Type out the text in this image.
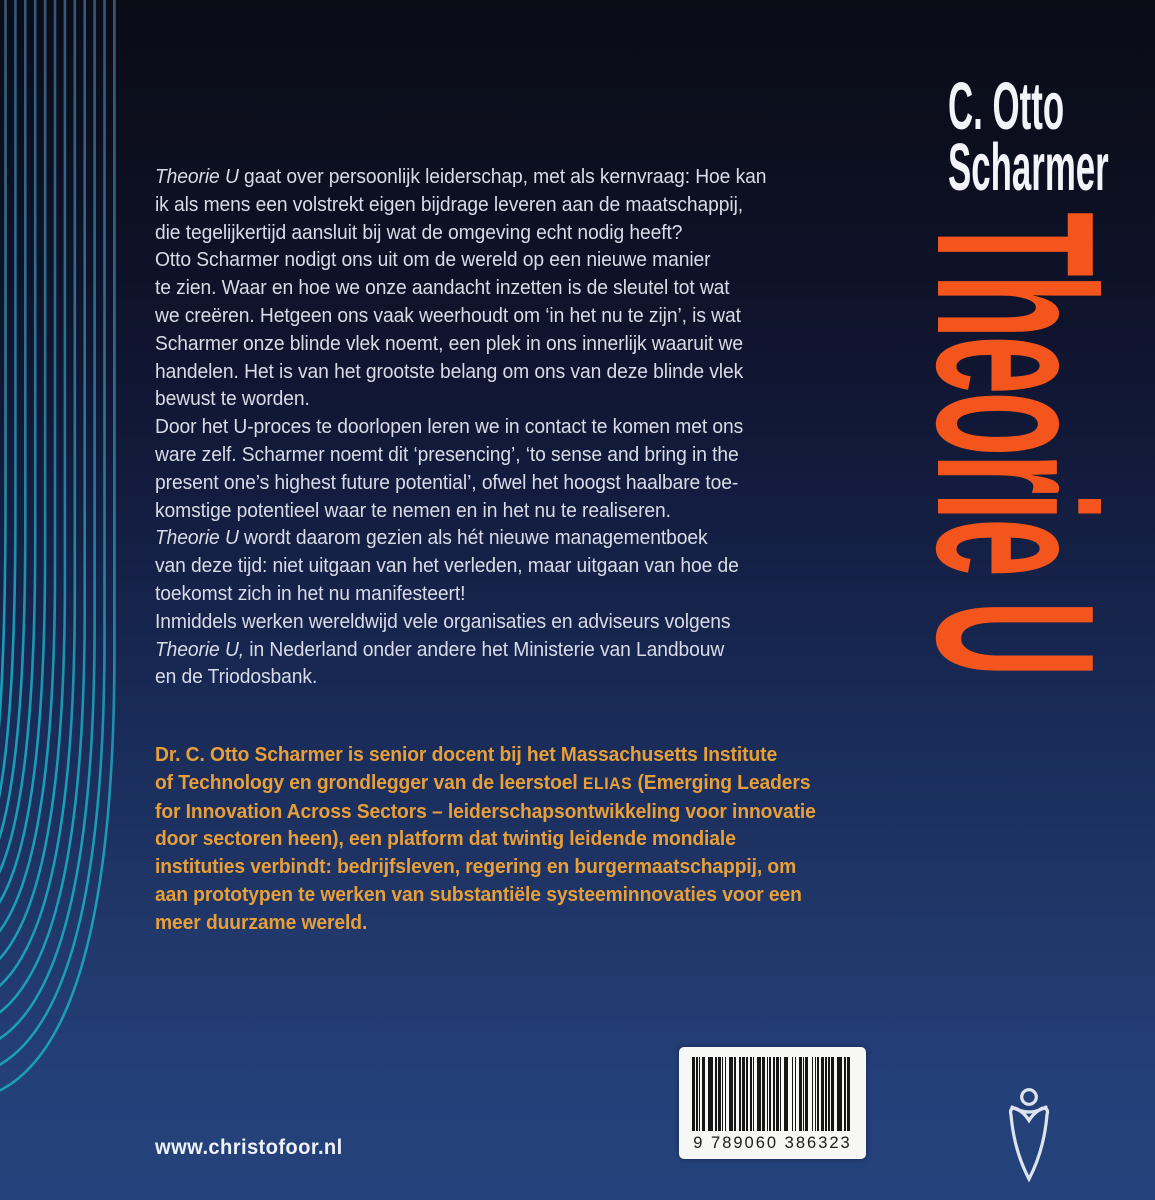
C. Otto
Scharmer
Theorie U
Theorie U gaat over persoonlijk leiderschap, met als kernvraag: Hoe kan
ik als mens een volstrekt eigen bijdrage leveren aan de maatschappij,
die tegelijkertijd aansluit bij wat de omgeving echt nodig heeft?
Otto Scharmer nodigt ons uit om de wereld op een nieuwe manier
te zien. Waar en hoe we onze aandacht inzetten is de sleutel tot wat
we creëren. Hetgeen ons vaak weerhoudt om ‘in het nu te zijn’, is wat
Scharmer onze blinde vlek noemt, een plek in ons innerlijk waaruit we
handelen. Het is van het grootste belang om ons van deze blinde vlek
bewust te worden.
Door het U-proces te doorlopen leren we in contact te komen met ons
ware zelf. Scharmer noemt dit ‘presencing’, ‘to sense and bring in the
present one’s highest future potential’, ofwel het hoogst haalbare toe-
komstige potentieel waar te nemen en in het nu te realiseren.
Theorie U wordt daarom gezien als hét nieuwe managementboek
van deze tijd: niet uitgaan van het verleden, maar uitgaan van hoe de
toekomst zich in het nu manifesteert!
Inmiddels werken wereldwijd vele organisaties en adviseurs volgens
Theorie U, in Nederland onder andere het Ministerie van Landbouw
en de Triodosbank.
Dr. C. Otto Scharmer is senior docent bij het Massachusetts Institute
of Technology en grondlegger van de leerstoel ELIAS (Emerging Leaders
for Innovation Across Sectors – leiderschapsontwikkeling voor innovatie
door sectoren heen), een platform dat twintig leidende mondiale
instituties verbindt: bedrijfsleven, regering en burgermaatschappij, om
aan prototypen te werken van substantiële systeeminnovaties voor een
meer duurzame wereld.
9 789060 386323
www.christofoor.nl
